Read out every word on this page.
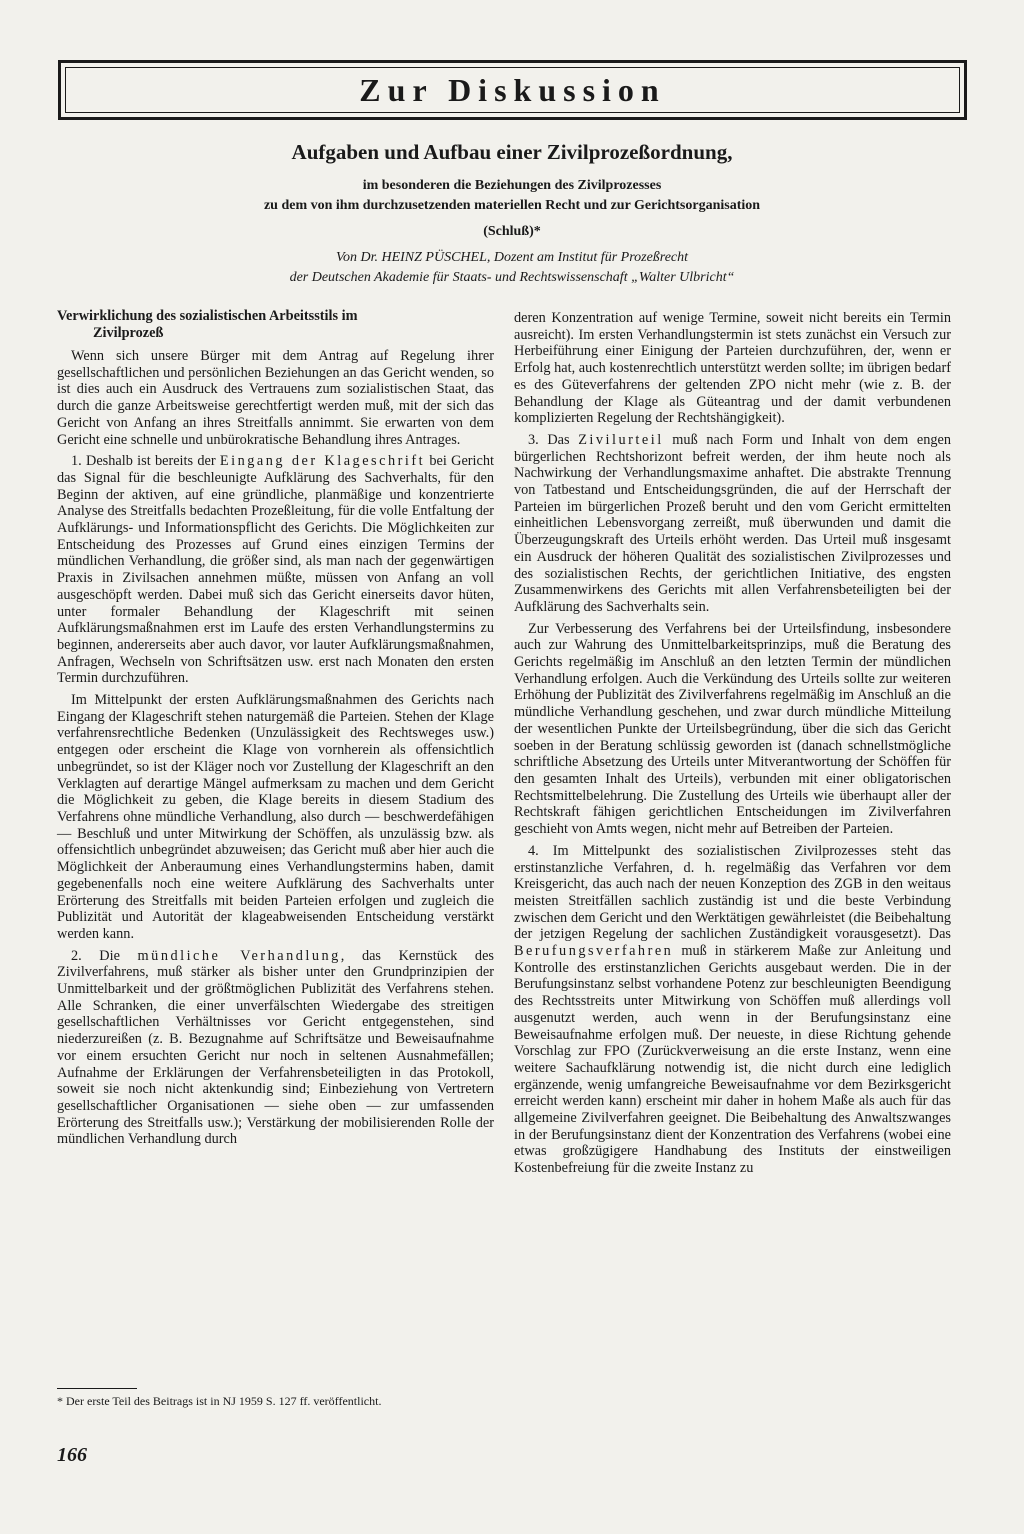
Zur Diskussion
Aufgaben und Aufbau einer Zivilprozeßordnung,
im besonderen die Beziehungen des Zivilprozesses
zu dem von ihm durchzusetzenden materiellen Recht und zur Gerichtsorganisation
(Schluß)*
Von Dr. HEINZ PÜSCHEL, Dozent am Institut für Prozeßrecht
der Deutschen Akademie für Staats- und Rechtswissenschaft „Walter Ulbricht“
Verwirklichung des sozialistischen Arbeitsstils im
Zivilprozeß

Wenn sich unsere Bürger mit dem Antrag auf Regelung ihrer gesellschaftlichen und persönlichen Beziehungen an das Gericht wenden, so ist dies auch ein Ausdruck des Vertrauens zum sozialistischen Staat, das durch die ganze Arbeitsweise gerechtfertigt werden muß, mit der sich das Gericht von Anfang an ihres Streitfalls annimmt. Sie erwarten von dem Gericht eine schnelle und unbürokratische Behandlung ihres Antrages.

1. Deshalb ist bereits der Eingang der Klageschrift bei Gericht das Signal für die beschleunigte Aufklärung des Sachverhalts, für den Beginn der aktiven, auf eine gründliche, planmäßige und konzentrierte Analyse des Streitfalls bedachten Prozeßleitung, für die volle Entfaltung der Aufklärungs- und Informationspflicht des Gerichts. Die Möglichkeiten zur Entscheidung des Prozesses auf Grund eines einzigen Termins der mündlichen Verhandlung, die größer sind, als man nach der gegenwärtigen Praxis in Zivilsachen annehmen müßte, müssen von Anfang an voll ausgeschöpft werden. Dabei muß sich das Gericht einerseits davor hüten, unter formaler Behandlung der Klageschrift mit seinen Aufklärungsmaßnahmen erst im Laufe des ersten Verhandlungstermins zu beginnen, andererseits aber auch davor, vor lauter Aufklärungsmaßnahmen, Anfragen, Wechseln von Schriftsätzen usw. erst nach Monaten den ersten Termin durchzuführen.

Im Mittelpunkt der ersten Aufklärungsmaßnahmen des Gerichts nach Eingang der Klageschrift stehen naturgemäß die Parteien. Stehen der Klage verfahrensrechtliche Bedenken (Unzulässigkeit des Rechtsweges usw.) entgegen oder erscheint die Klage von vornherein als offensichtlich unbegründet, so ist der Kläger noch vor Zustellung der Klageschrift an den Verklagten auf derartige Mängel aufmerksam zu machen und dem Gericht die Möglichkeit zu geben, die Klage bereits in diesem Stadium des Verfahrens ohne mündliche Verhandlung, also durch — beschwerdefähigen — Beschluß und unter Mitwirkung der Schöffen, als unzulässig bzw. als offensichtlich unbegründet abzuweisen; das Gericht muß aber hier auch die Möglichkeit der Anberaumung eines Verhandlungstermins haben, damit gegebenenfalls noch eine weitere Aufklärung des Sachverhalts unter Erörterung des Streitfalls mit beiden Parteien erfolgen und zugleich die Publizität und Autorität der klageabweisenden Entscheidung verstärkt werden kann.

2. Die mündliche Verhandlung, das Kernstück des Zivilverfahrens, muß stärker als bisher unter den Grundprinzipien der Unmittelbarkeit und der größtmöglichen Publizität des Verfahrens stehen. Alle Schranken, die einer unverfälschten Wiedergabe des streitigen gesellschaftlichen Verhältnisses vor Gericht entgegenstehen, sind niederzureißen (z. B. Bezugnahme auf Schriftsätze und Beweisaufnahme vor einem ersuchten Gericht nur noch in seltenen Ausnahmefällen; Aufnahme der Erklärungen der Verfahrensbeteiligten in das Protokoll, soweit sie noch nicht aktenkundig sind; Einbeziehung von Vertretern gesellschaftlicher Organisationen — siehe oben — zur umfassenden Erörterung des Streitfalls usw.); Verstärkung der mobilisierenden Rolle der mündlichen Verhandlung durch

deren Konzentration auf wenige Termine, soweit nicht bereits ein Termin ausreicht). Im ersten Verhandlungstermin ist stets zunächst ein Versuch zur Herbeiführung einer Einigung der Parteien durchzuführen, der, wenn er Erfolg hat, auch kostenrechtlich unterstützt werden sollte; im übrigen bedarf es des Güteverfahrens der geltenden ZPO nicht mehr (wie z. B. der Behandlung der Klage als Güteantrag und der damit verbundenen komplizierten Regelung der Rechtshängigkeit).

3. Das Zivilurteil muß nach Form und Inhalt von dem engen bürgerlichen Rechtshorizont befreit werden, der ihm heute noch als Nachwirkung der Verhandlungsmaxime anhaftet. Die abstrakte Trennung von Tatbestand und Entscheidungsgründen, die auf der Herrschaft der Parteien im bürgerlichen Prozeß beruht und den vom Gericht ermittelten einheitlichen Lebensvorgang zerreißt, muß überwunden und damit die Überzeugungskraft des Urteils erhöht werden. Das Urteil muß insgesamt ein Ausdruck der höheren Qualität des sozialistischen Zivilprozesses und des sozialistischen Rechts, der gerichtlichen Initiative, des engsten Zusammenwirkens des Gerichts mit allen Verfahrensbeteiligten bei der Aufklärung des Sachverhalts sein.

Zur Verbesserung des Verfahrens bei der Urteilsfindung, insbesondere auch zur Wahrung des Unmittelbarkeitsprinzips, muß die Beratung des Gerichts regelmäßig im Anschluß an den letzten Termin der mündlichen Verhandlung erfolgen. Auch die Verkündung des Urteils sollte zur weiteren Erhöhung der Publizität des Zivilverfahrens regelmäßig im Anschluß an die mündliche Verhandlung geschehen, und zwar durch mündliche Mitteilung der wesentlichen Punkte der Urteilsbegründung, über die sich das Gericht soeben in der Beratung schlüssig geworden ist (danach schnellstmögliche schriftliche Absetzung des Urteils unter Mitverantwortung der Schöffen für den gesamten Inhalt des Urteils), verbunden mit einer obligatorischen Rechtsmittelbelehrung. Die Zustellung des Urteils wie überhaupt aller der Rechtskraft fähigen gerichtlichen Entscheidungen im Zivilverfahren geschieht von Amts wegen, nicht mehr auf Betreiben der Parteien.

4. Im Mittelpunkt des sozialistischen Zivilprozesses steht das erstinstanzliche Verfahren, d. h. regelmäßig das Verfahren vor dem Kreisgericht, das auch nach der neuen Konzeption des ZGB in den weitaus meisten Streitfällen sachlich zuständig ist und die beste Verbindung zwischen dem Gericht und den Werktätigen gewährleistet (die Beibehaltung der jetzigen Regelung der sachlichen Zuständigkeit vorausgesetzt). Das Berufungsverfahren muß in stärkerem Maße zur Anleitung und Kontrolle des erstinstanzlichen Gerichts ausgebaut werden. Die in der Berufungsinstanz selbst vorhandene Potenz zur beschleunigten Beendigung des Rechtsstreits unter Mitwirkung von Schöffen muß allerdings voll ausgenutzt werden, auch wenn in der Berufungsinstanz eine Beweisaufnahme erfolgen muß. Der neueste, in diese Richtung gehende Vorschlag zur FPO (Zurückverweisung an die erste Instanz, wenn eine weitere Sachaufklärung notwendig ist, die nicht durch eine lediglich ergänzende, wenig umfangreiche Beweisaufnahme vor dem Bezirksgericht erreicht werden kann) erscheint mir daher in hohem Maße als auch für das allgemeine Zivilverfahren geeignet. Die Beibehaltung des Anwaltszwanges in der Berufungsinstanz dient der Konzentration des Verfahrens (wobei eine etwas großzügigere Handhabung des Instituts der einstweiligen Kostenbefreiung für die zweite Instanz zu

* Der erste Teil des Beitrags ist in NJ 1959 S. 127 ff. veröffentlicht.
166
